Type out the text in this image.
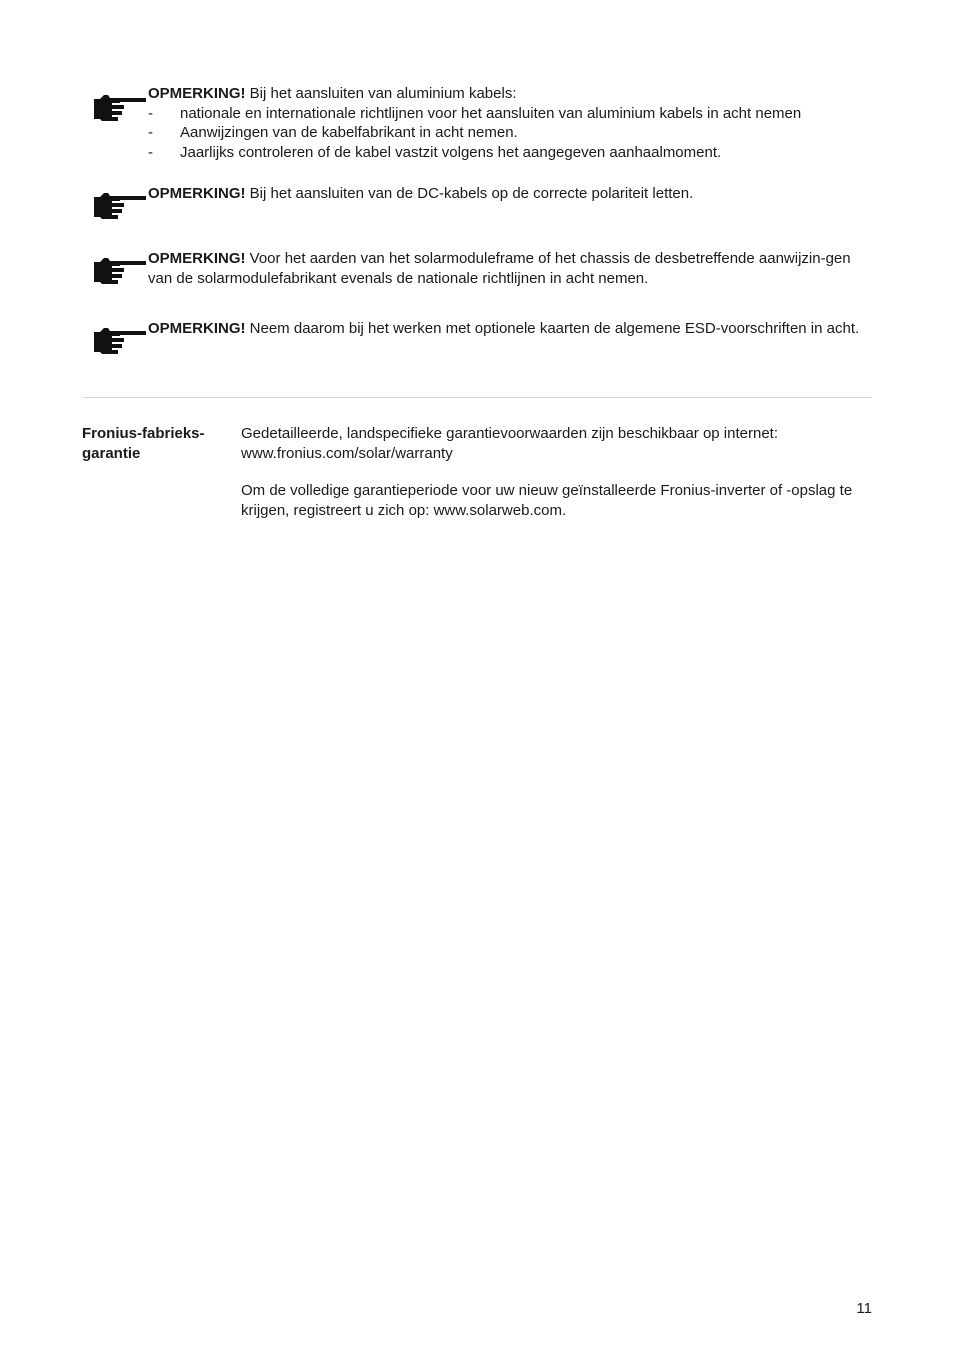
OPMERKING! Bij het aansluiten van aluminium kabels:
- nationale en internationale richtlijnen voor het aansluiten van aluminium kabels in acht nemen
- Aanwijzingen van de kabelfabrikant in acht nemen.
- Jaarlijks controleren of de kabel vastzit volgens het aangegeven aanhaalmoment.
OPMERKING! Bij het aansluiten van de DC-kabels op de correcte polariteit letten.
OPMERKING! Voor het aarden van het solarmoduleframe of het chassis de desbetreffende aanwijzin-gen van de solarmodulefabrikant evenals de nationale richtlijnen in acht nemen.
OPMERKING! Neem daarom bij het werken met optionele kaarten de algemene ESD-voorschriften in acht.
Fronius-fabrieks-
garantie

Gedetailleerde, landspecifieke garantievoorwaarden zijn beschikbaar op internet:
www.fronius.com/solar/warranty

Om de volledige garantieperiode voor uw nieuw geïnstalleerde Fronius-inverter of -opslag te krijgen, registreert u zich op: www.solarweb.com.

11
